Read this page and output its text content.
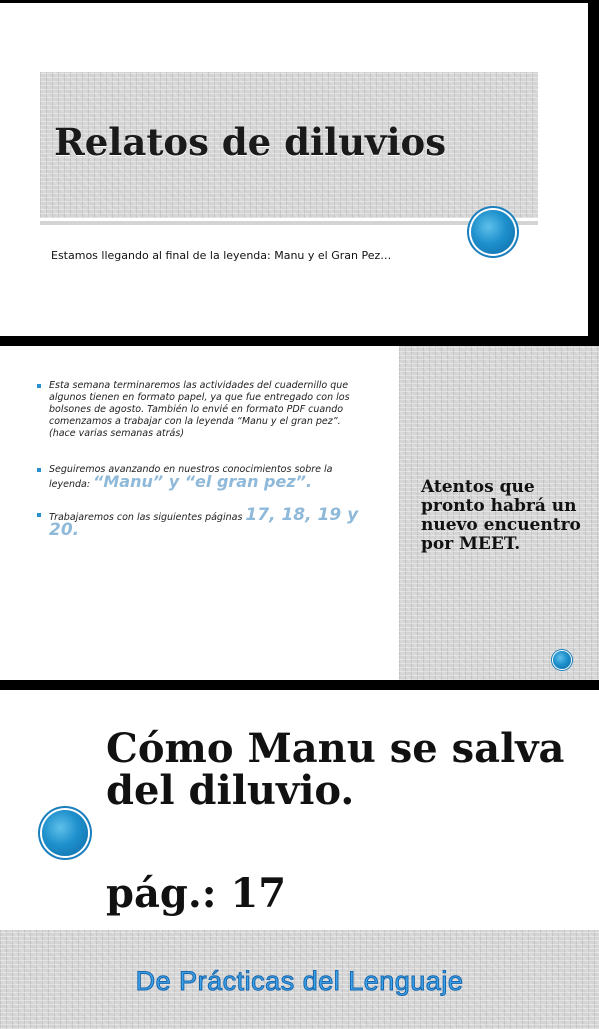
Relatos de diluvios
Estamos llegando al final de la leyenda: Manu y el Gran Pez…
Esta semana terminaremos las actividades del cuadernillo que algunos tienen en formato papel, ya que fue entregado con los bolsones de agosto. También lo envié en formato PDF cuando comenzamos a trabajar con la leyenda “Manu y el gran pez”. (hace varias semanas atrás)
Seguiremos avanzando en nuestros conocimientos sobre la leyenda: “Manu” y “el gran pez”.
Trabajaremos con las siguientes páginas 17, 18, 19 y 20.
Atentos que pronto habrá un nuevo encuentro por MEET.
Cómo Manu se salva del diluvio.
pág.: 17
De Prácticas del Lenguaje
